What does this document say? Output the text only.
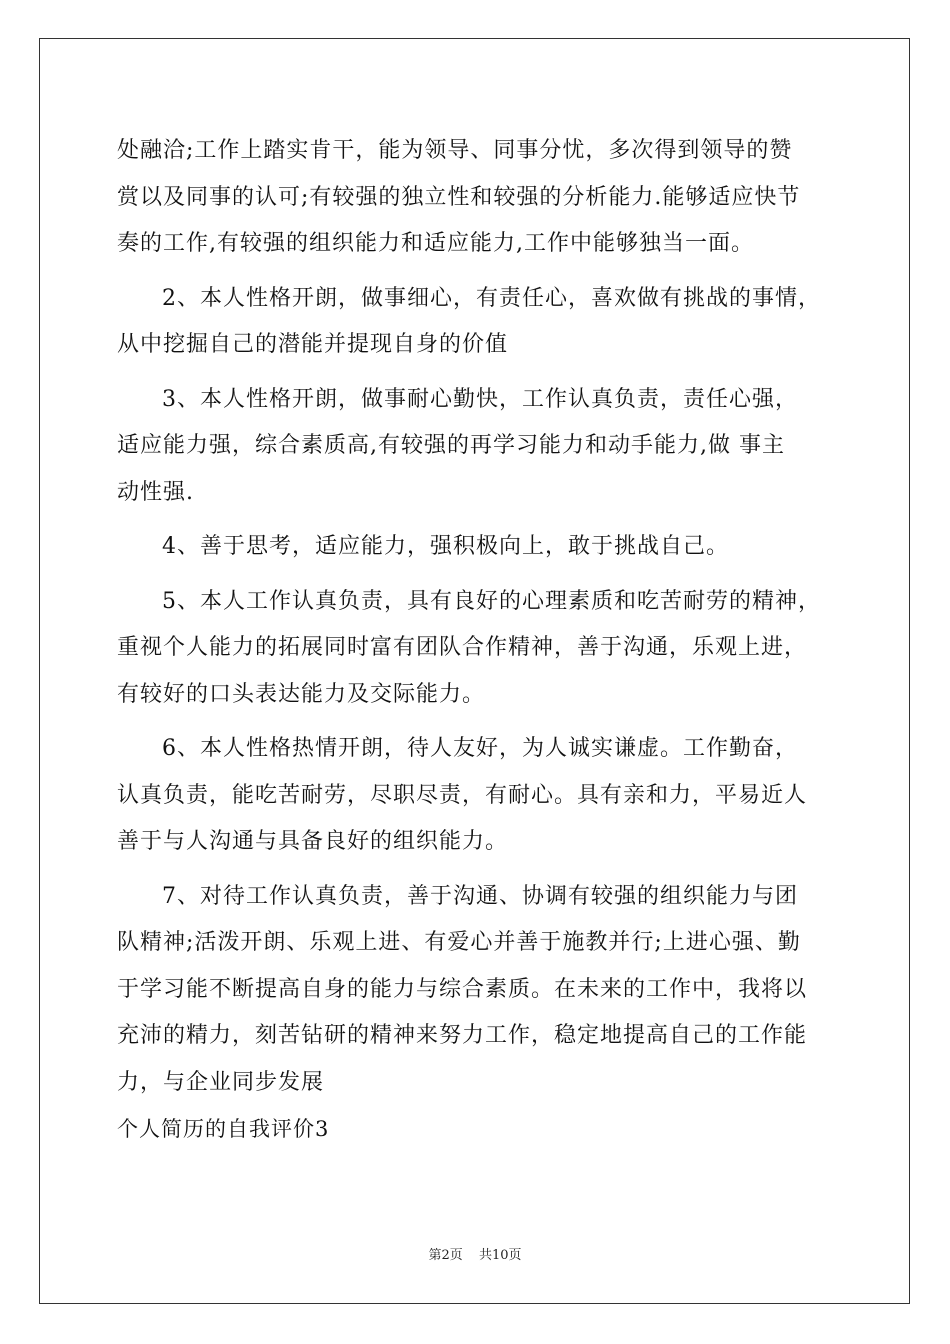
处融洽;工作上踏实肯干，能为领导、同事分忧，多次得到领导的赞
赏以及同事的认可;有较强的独立性和较强的分析能力.能够适应快节
奏的工作,有较强的组织能力和适应能力,工作中能够独当一面。
2、本人性格开朗，做事细心，有责任心，喜欢做有挑战的事情，
从中挖掘自己的潜能并提现自身的价值
3、本人性格开朗，做事耐心勤快，工作认真负责，责任心强，
适应能力强，综合素质高,有较强的再学习能力和动手能力,做 事主
动性强.
4、善于思考，适应能力，强积极向上，敢于挑战自己。
5、本人工作认真负责，具有良好的心理素质和吃苦耐劳的精神，
重视个人能力的拓展同时富有团队合作精神，善于沟通，乐观上进，
有较好的口头表达能力及交际能力。
6、本人性格热情开朗，待人友好，为人诚实谦虚。工作勤奋，
认真负责，能吃苦耐劳，尽职尽责，有耐心。具有亲和力，平易近人
善于与人沟通与具备良好的组织能力。
7、对待工作认真负责，善于沟通、协调有较强的组织能力与团
队精神;活泼开朗、乐观上进、有爱心并善于施教并行;上进心强、勤
于学习能不断提高自身的能力与综合素质。在未来的工作中，我将以
充沛的精力，刻苦钻研的精神来努力工作，稳定地提高自己的工作能
力，与企业同步发展
个人简历的自我评价3
第2页 共10页
